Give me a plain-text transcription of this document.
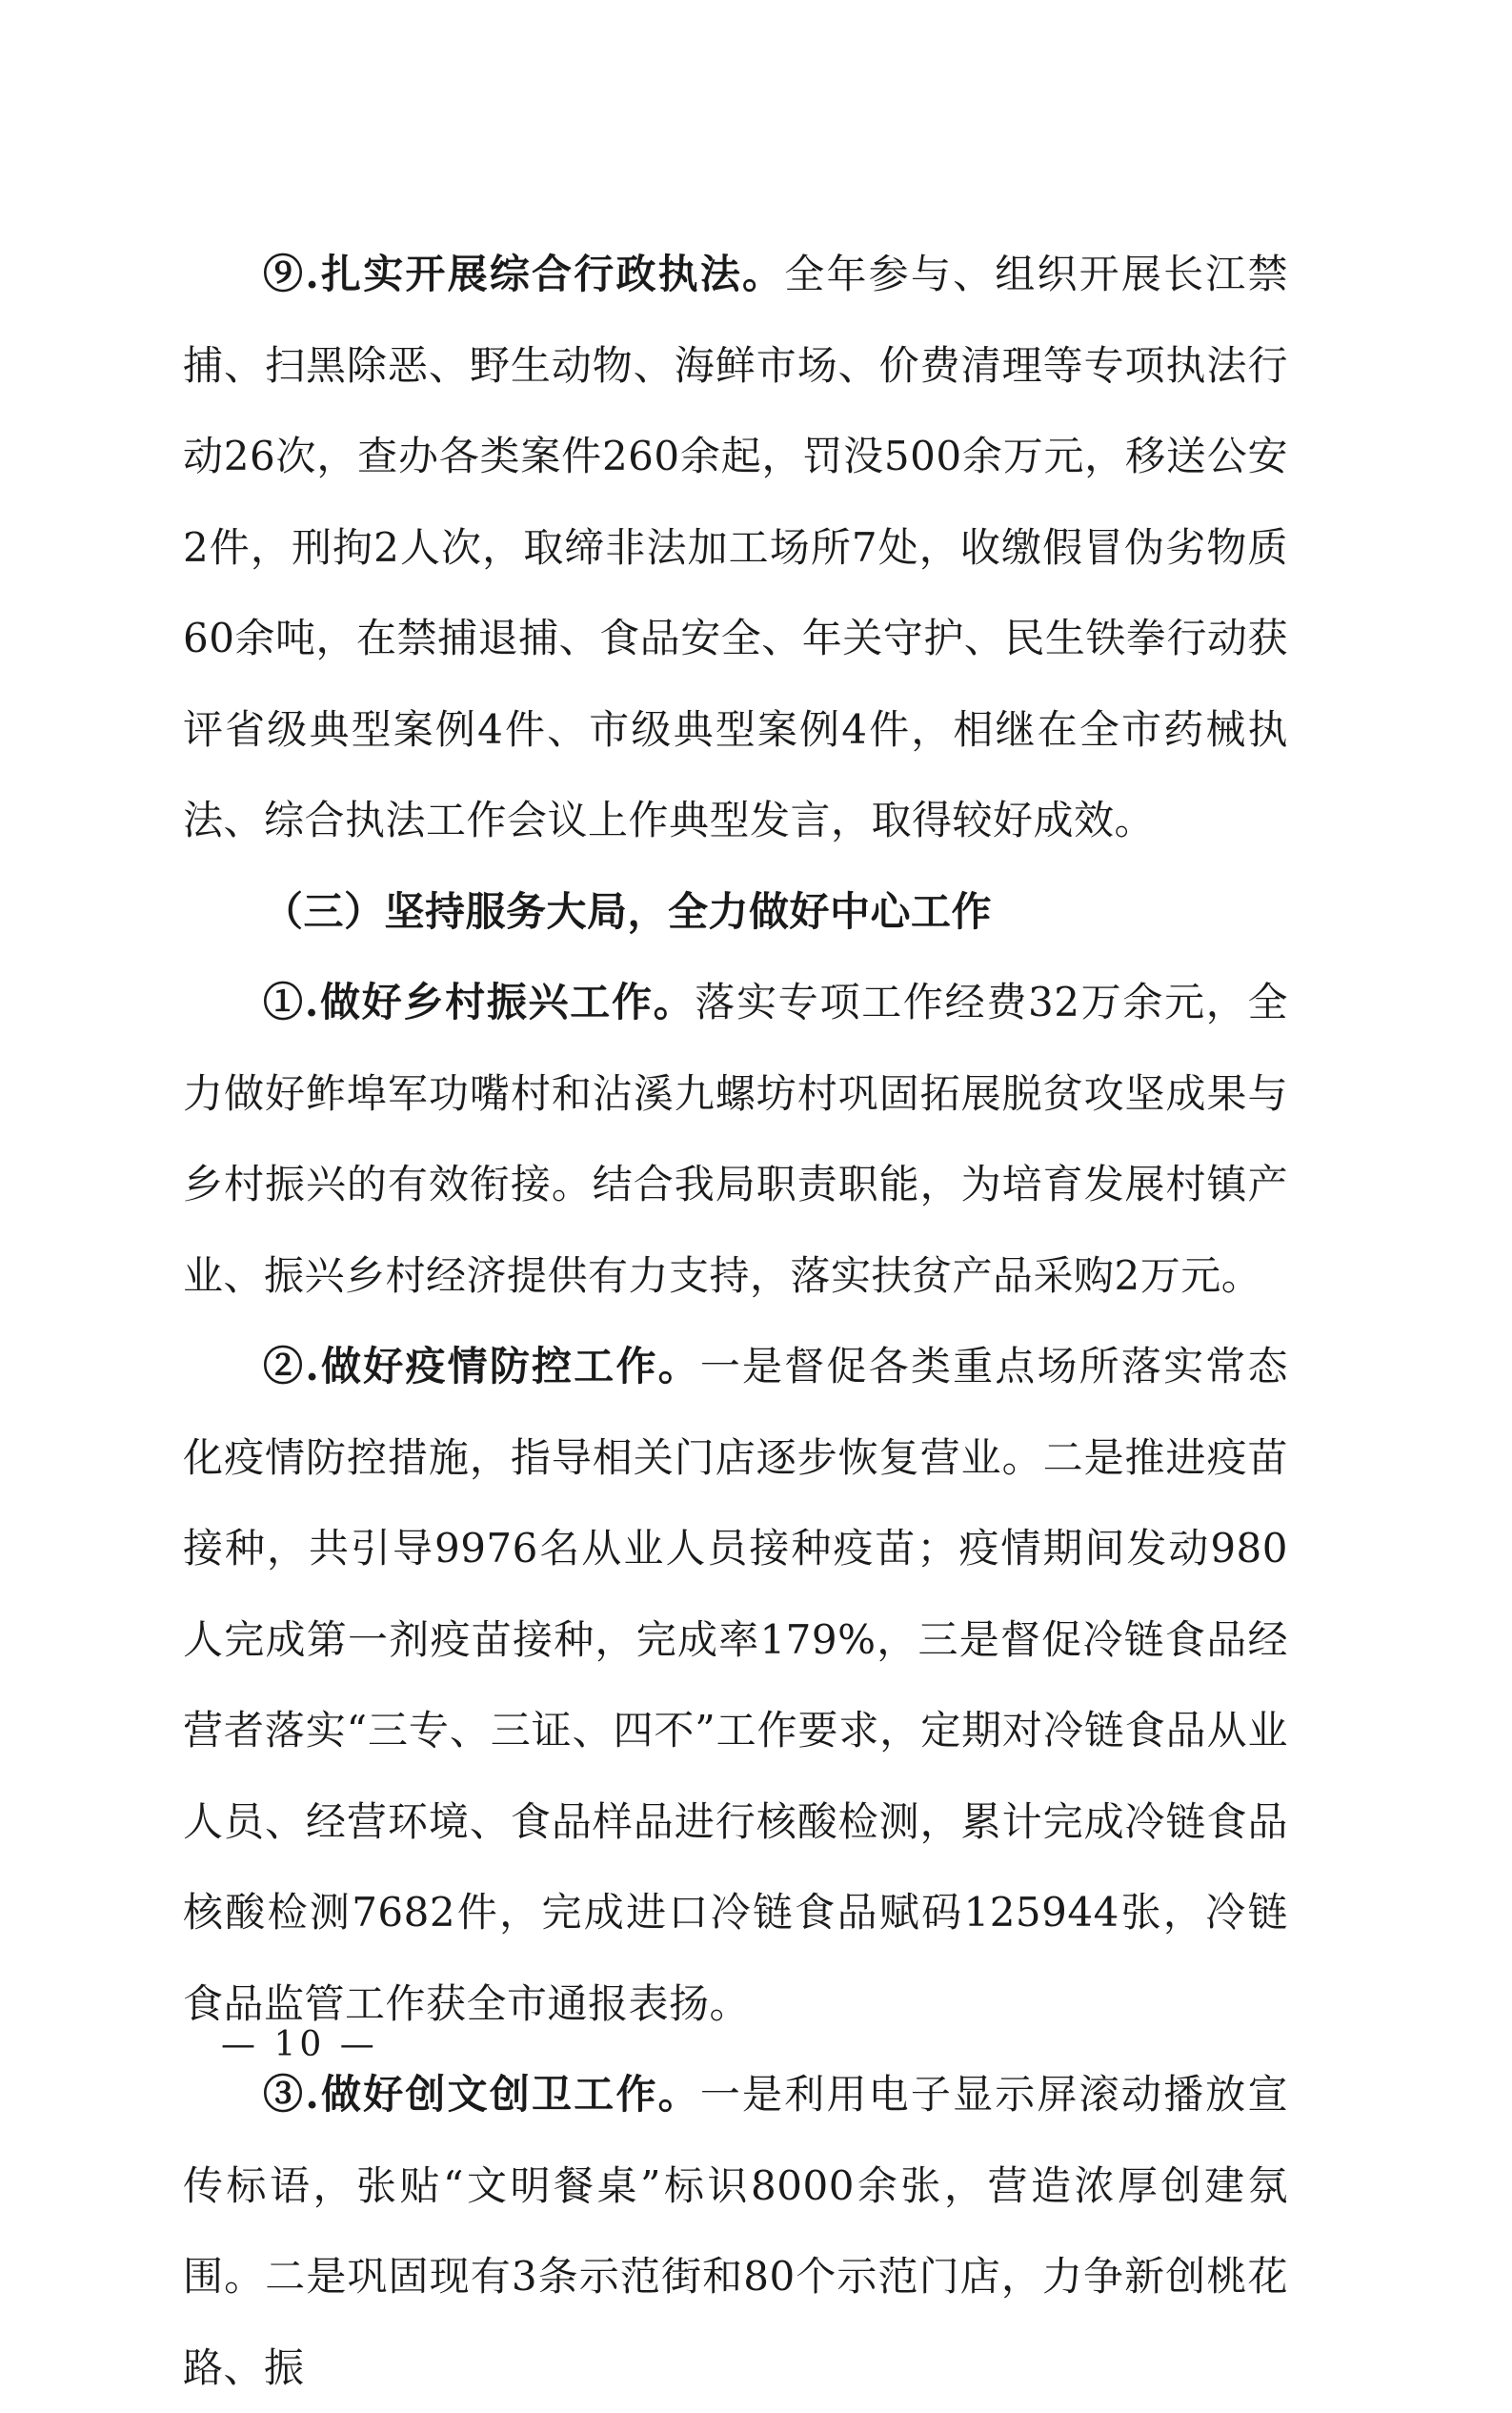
⑨.扎实开展综合行政执法。全年参与、组织开展长江禁捕、扫黑除恶、野生动物、海鲜市场、价费清理等专项执法行动26次，查办各类案件260余起，罚没500余万元，移送公安2件，刑拘2人次，取缔非法加工场所7处，收缴假冒伪劣物质60余吨，在禁捕退捕、食品安全、年关守护、民生铁拳行动获评省级典型案例4件、市级典型案例4件，相继在全市药械执法、综合执法工作会议上作典型发言，取得较好成效。

（三）坚持服务大局，全力做好中心工作

①.做好乡村振兴工作。落实专项工作经费32万余元，全力做好鲊埠军功嘴村和沾溪九螺坊村巩固拓展脱贫攻坚成果与乡村振兴的有效衔接。结合我局职责职能，为培育发展村镇产业、振兴乡村经济提供有力支持，落实扶贫产品采购2万元。

②.做好疫情防控工作。一是督促各类重点场所落实常态化疫情防控措施，指导相关门店逐步恢复营业。二是推进疫苗接种，共引导9976名从业人员接种疫苗；疫情期间发动980人完成第一剂疫苗接种，完成率179%，三是督促冷链食品经营者落实“三专、三证、四不”工作要求，定期对冷链食品从业人员、经营环境、食品样品进行核酸检测，累计完成冷链食品核酸检测7682件，完成进口冷链食品赋码125944张，冷链食品监管工作获全市通报表扬。

③.做好创文创卫工作。一是利用电子显示屏滚动播放宣传标语，张贴“文明餐桌”标识8000余张，营造浓厚创建氛围。二是巩固现有3条示范街和80个示范门店，力争新创桃花路、振

— 10 —
